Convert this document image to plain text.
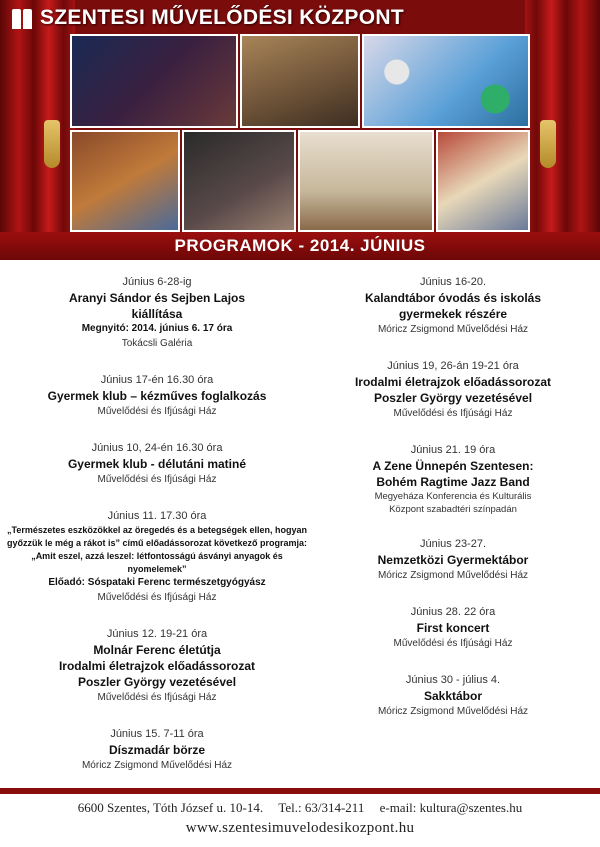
SZENTESI MŰVELŐDÉSI KÖZPONT
PROGRAMOK - 2014. JÚNIUS
Június 6-28-ig
Aranyi Sándor és Sejben Lajos
kiállítása
Megnyitó: 2014. június 6. 17 óra
Tokácsli Galéria
Június 17-én 16.30 óra
Gyermek klub – kézműves foglalkozás
Művelődési és Ifjúsági Ház
Június 10, 24-én 16.30 óra
Gyermek klub - délutáni matiné
Művelődési és Ifjúsági Ház
Június 11. 17.30 óra
„Természetes eszközökkel az öregedés és a betegségek ellen, hogyan
győzzük le még a rákot is” című előadássorozat következő programja:
„Amit eszel, azzá leszel: létfontosságú ásványi anyagok és nyomelemek”
Előadó: Sóspataki Ferenc természetgyógyász
Művelődési és Ifjúsági Ház
Június 12. 19-21 óra
Molnár Ferenc életútja
Irodalmi életrajzok előadássorozat
Poszler György vezetésével
Művelődési és Ifjúsági Ház
Június 15. 7-11 óra
Díszmadár börze
Móricz Zsigmond Művelődési Ház
Június 16-20.
Kalandtábor óvodás és iskolás
gyermekek részére
Móricz Zsigmond Művelődési Ház
Június 19, 26-án 19-21 óra
Irodalmi életrajzok előadássorozat
Poszler György vezetésével
Művelődési és Ifjúsági Ház
Június 21. 19 óra
A Zene Ünnepén Szentesen:
Bohém Ragtime Jazz Band
Megyeháza Konferencia és Kulturális
Központ szabadtéri színpadán
Június 23-27.
Nemzetközi Gyermektábor
Móricz Zsigmond Művelődési Ház
Június 28. 22 óra
First koncert
Művelődési és Ifjúsági Ház
Június 30 - július 4.
Sakktábor
Móricz Zsigmond Művelődési Ház
6600 Szentes, Tóth József u. 10-14. Tel.: 63/314-211 e-mail: kultura@szentes.hu
www.szentesimuvelodesikozpont.hu
